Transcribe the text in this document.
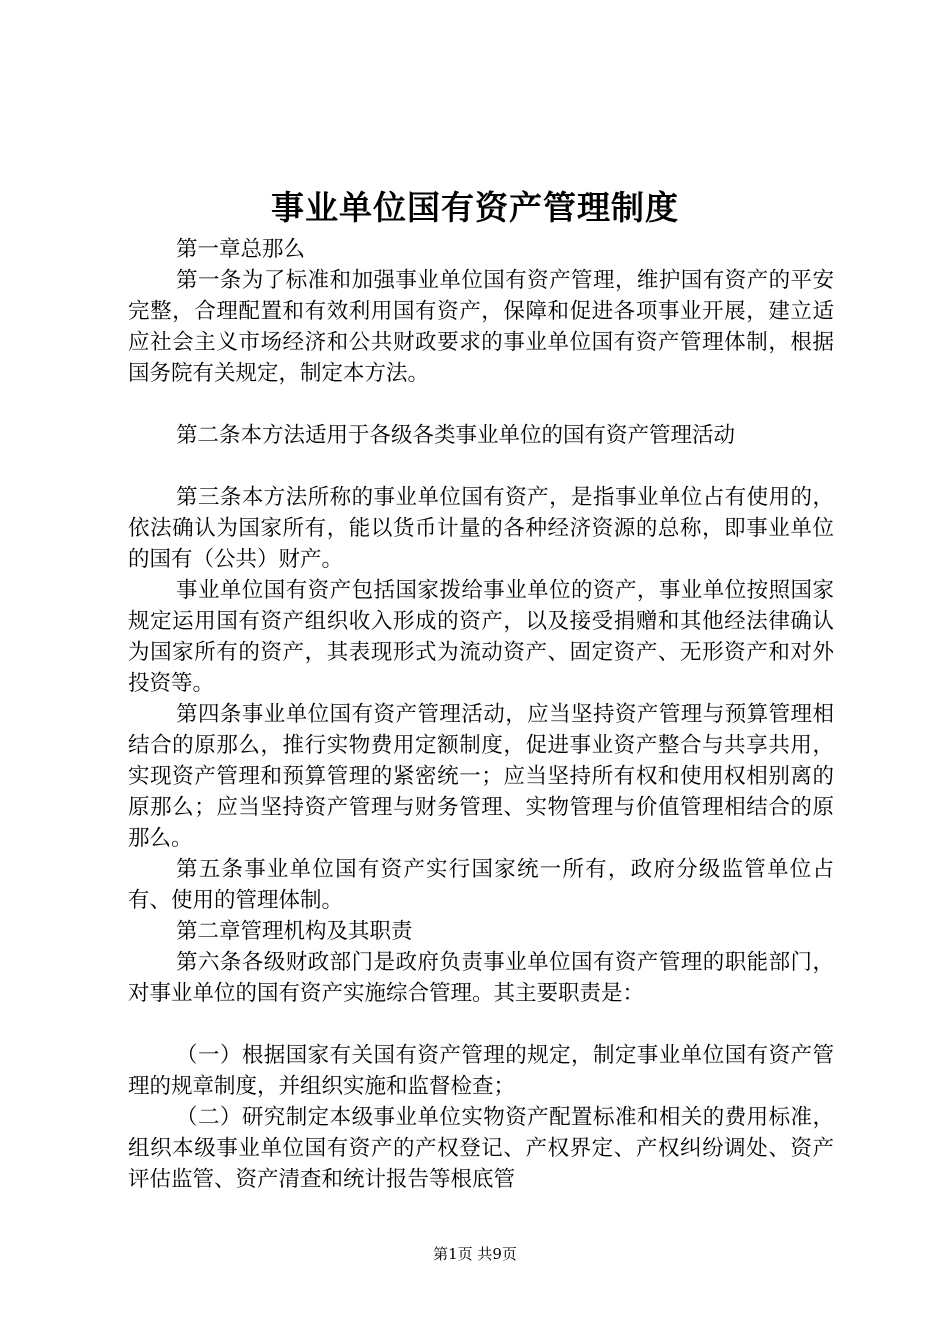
事业单位国有资产管理制度

第一章总那么

第一条为了标准和加强事业单位国有资产管理，维护国有资产的平安完整，合理配置和有效利用国有资产，保障和促进各项事业开展，建立适应社会主义市场经济和公共财政要求的事业单位国有资产管理体制，根据国务院有关规定，制定本方法。

第二条本方法适用于各级各类事业单位的国有资产管理活动

第三条本方法所称的事业单位国有资产，是指事业单位占有使用的，依法确认为国家所有，能以货币计量的各种经济资源的总称，即事业单位的国有（公共）财产。

事业单位国有资产包括国家拨给事业单位的资产，事业单位按照国家规定运用国有资产组织收入形成的资产，以及接受捐赠和其他经法律确认为国家所有的资产，其表现形式为流动资产、固定资产、无形资产和对外投资等。

第四条事业单位国有资产管理活动，应当坚持资产管理与预算管理相结合的原那么，推行实物费用定额制度，促进事业资产整合与共享共用，实现资产管理和预算管理的紧密统一；应当坚持所有权和使用权相别离的原那么；应当坚持资产管理与财务管理、实物管理与价值管理相结合的原那么。

第五条事业单位国有资产实行国家统一所有，政府分级监管单位占有、使用的管理体制。

第二章管理机构及其职责

第六条各级财政部门是政府负责事业单位国有资产管理的职能部门，对事业单位的国有资产实施综合管理。其主要职责是：

（一）根据国家有关国有资产管理的规定，制定事业单位国有资产管理的规章制度，并组织实施和监督检查；

（二）研究制定本级事业单位实物资产配置标准和相关的费用标准，组织本级事业单位国有资产的产权登记、产权界定、产权纠纷调处、资产评估监管、资产清查和统计报告等根底管

第1页 共9页
